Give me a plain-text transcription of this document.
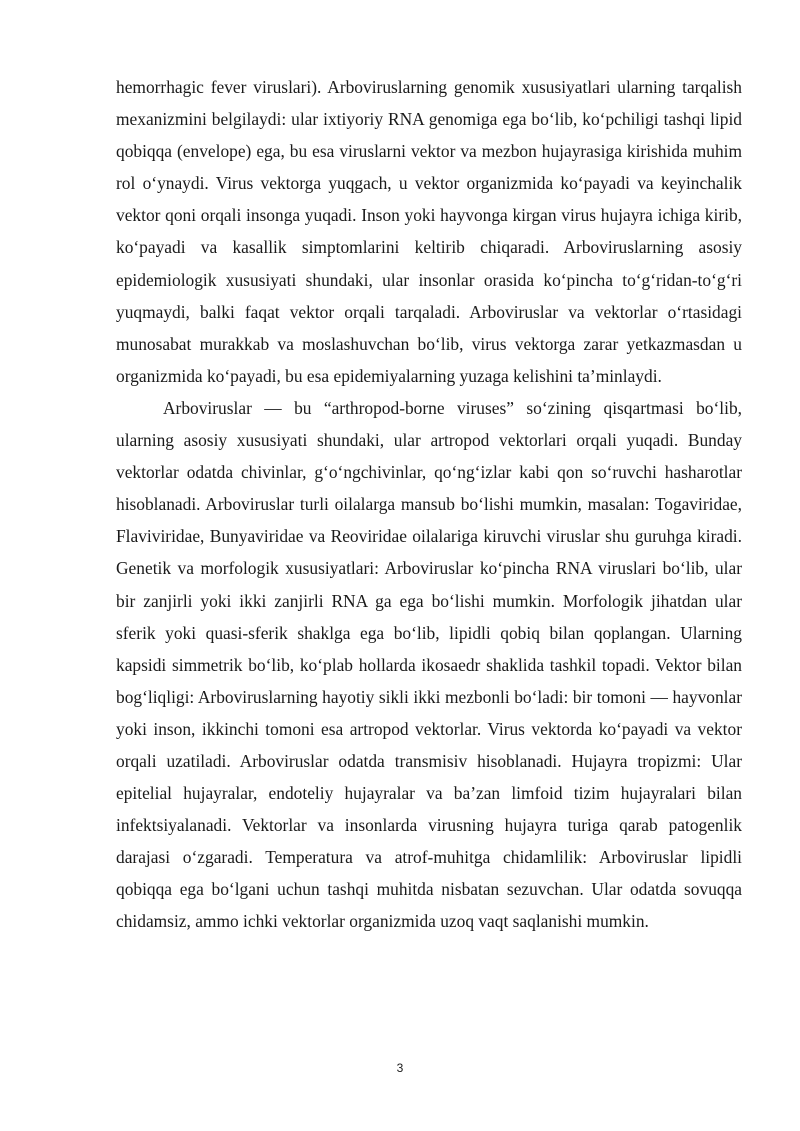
hemorrhagic fever viruslari). Arboviruslarning genomik xususiyatlari ularning tarqalish mexanizmini belgilaydi: ular ixtiyoriy RNA genomiga ega bo‘lib, ko‘pchiligi tashqi lipid qobiqqa (envelope) ega, bu esa viruslarni vektor va mezbon hujayrasiga kirishida muhim rol o‘ynaydi. Virus vektorga yuqgach, u vektor organizmida ko‘payadi va keyinchalik vektor qoni orqali insonga yuqadi. Inson yoki hayvonga kirgan virus hujayra ichiga kirib, ko‘payadi va kasallik simptomlarini keltirib chiqaradi. Arboviruslarning asosiy epidemiologik xususiyati shundaki, ular insonlar orasida ko‘pincha to‘g‘ridan-to‘g‘ri yuqmaydi, balki faqat vektor orqali tarqaladi. Arboviruslar va vektorlar o‘rtasidagi munosabat murakkab va moslashuvchan bo‘lib, virus vektorga zarar yetkazmasdan u organizmida ko‘payadi, bu esa epidemiyalarning yuzaga kelishini ta’minlaydi.

Arboviruslar — bu “arthropod-borne viruses” so‘zining qisqartmasi bo‘lib, ularning asosiy xususiyati shundaki, ular artropod vektorlari orqali yuqadi. Bunday vektorlar odatda chivinlar, g‘o‘ngchivinlar, qo‘ng‘izlar kabi qon so‘ruvchi hasharotlar hisoblanadi. Arboviruslar turli oilalarga mansub bo‘lishi mumkin, masalan: Togaviridae, Flaviviridae, Bunyaviridae va Reoviridae oilalariga kiruvchi viruslar shu guruhga kiradi. Genetik va morfologik xususiyatlari: Arboviruslar ko‘pincha RNA viruslari bo‘lib, ular bir zanjirli yoki ikki zanjirli RNA ga ega bo‘lishi mumkin. Morfologik jihatdan ular sferik yoki quasi-sferik shaklga ega bo‘lib, lipidli qobiq bilan qoplangan. Ularning kapsidi simmetrik bo‘lib, ko‘plab hollarda ikosaedr shaklida tashkil topadi. Vektor bilan bog‘liqligi: Arboviruslarning hayotiy sikli ikki mezbonli bo‘ladi: bir tomoni — hayvonlar yoki inson, ikkinchi tomoni esa artropod vektorlar. Virus vektorda ko‘payadi va vektor orqali uzatiladi. Arboviruslar odatda transmisiv hisoblanadi. Hujayra tropizmi: Ular epitelial hujayralar, endoteliy hujayralar va ba’zan limfoid tizim hujayralari bilan infektsiyalanadi. Vektorlar va insonlarda virusning hujayra turiga qarab patogenlik darajasi o‘zgaradi. Temperatura va atrof-muhitga chidamlilik: Arboviruslar lipidli qobiqqa ega bo‘lgani uchun tashqi muhitda nisbatan sezuvchan. Ular odatda sovuqqa chidamsiz, ammo ichki vektorlar organizmida uzoq vaqt saqlanishi mumkin.

3
